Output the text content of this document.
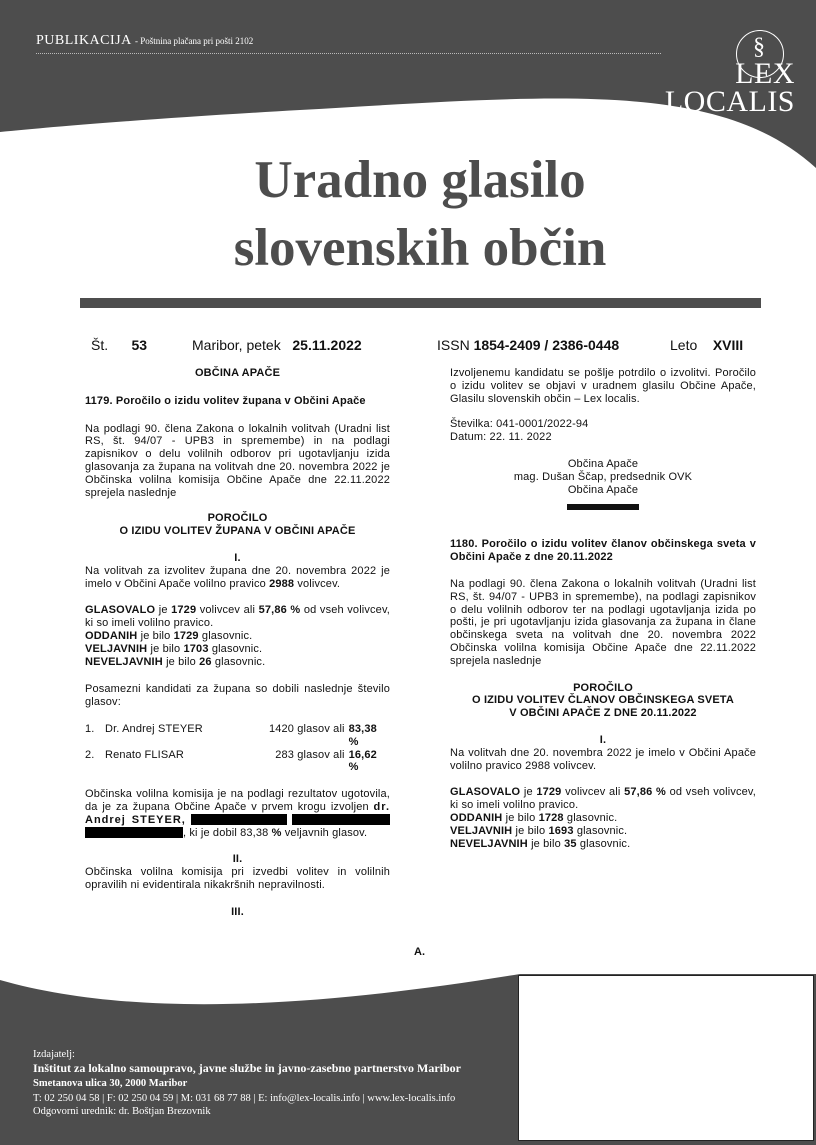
PUBLIKACIJA - Poštnina plačana pri pošti 2102	§
LEX
LOCALIS
Uradno glasilo
slovenskih občin
Št. 53	Maribor, petek 25.11.2022	ISSN 1854-2409 / 2386-0448	Leto XVIII

OBČINA APAČE

1179. Poročilo o izidu volitev župana v Občini Apače

Na podlagi 90. člena Zakona o lokalnih volitvah (Uradni list RS, št. 94/07 - UPB3 in spremembe) in na podlagi zapisnikov o delu volilnih odborov pri ugotavljanju izida glasovanja za župana na volitvah dne 20. novembra 2022 je Občinska volilna komisija Občine Apače dne 22.11.2022 sprejela naslednje

POROČILO

O IZIDU VOLITEV ŽUPANA V OBČINI APAČE

I.

Na volitvah za izvolitev župana dne 20. novembra 2022 je imelo v Občini Apače volilno pravico 2988 volivcev.

GLASOVALO je 1729 volivcev ali 57,86 % od vseh volivcev, ki so imeli volilno pravico.

ODDANIH je bilo 1729 glasovnic.

VELJAVNIH je bilo 1703 glasovnic.

NEVELJAVNIH je bilo 26 glasovnic.

Posamezni kandidati za župana so dobili naslednje število glasov:

1. Dr. Andrej STEYER	1420 glasov ali 83,38 %
2. Renato FLISAR	283 glasov ali 16,62 %

Občinska volilna komisija je na podlagi rezultatov ugotovila, da je za župana Občine Apače v prvem krogu izvoljen dr. Andrej STEYER,   , ki je dobil 83,38 % veljavnih glasov.

II.

Občinska volilna komisija pri izvedbi volitev in volilnih opravilih ni evidentirala nikakršnih nepravilnosti.

III.

A.

Izvoljenemu kandidatu se pošlje potrdilo o izvolitvi. Poročilo o izidu volitev se objavi v uradnem glasilu Občine Apače, Glasilu slovenskih občin – Lex localis.

Številka: 041-0001/2022-94

Datum: 22. 11. 2022

Občina Apače
mag. Dušan Ščap, predsednik OVK
Občina Apače

1180. Poročilo o izidu volitev članov občinskega sveta v Občini Apače z dne 20.11.2022

Na podlagi 90. člena Zakona o lokalnih volitvah (Uradni list RS, št. 94/07 - UPB3 in spremembe), na podlagi zapisnikov o delu volilnih odborov ter na podlagi ugotavljanja izida po pošti, je pri ugotavljanju izida glasovanja za župana in člane občinskega sveta na volitvah dne 20. novembra 2022 Občinska volilna komisija Občine Apače dne 22.11.2022 sprejela naslednje

POROČILO

O IZIDU VOLITEV ČLANOV OBČINSKEGA SVETA

V OBČINI APAČE Z DNE 20.11.2022

I.

Na volitvah dne 20. novembra 2022 je imelo v Občini Apače volilno pravico 2988 volivcev.

GLASOVALO je 1729 volivcev ali 57,86 % od vseh volivcev, ki so imeli volilno pravico.

ODDANIH je bilo 1728 glasovnic.

VELJAVNIH je bilo 1693 glasovnic.

NEVELJAVNIH je bilo 35 glasovnic.

Izdajatelj:
Inštitut za lokalno samoupravo, javne službe in javno-zasebno partnerstvo Maribor
Smetanova ulica 30, 2000 Maribor
T: 02 250 04 58 | F: 02 250 04 59 | M: 031 68 77 88 | E: info@lex-localis.info | www.lex-localis.info
Odgovorni urednik: dr. Boštjan Brezovnik
